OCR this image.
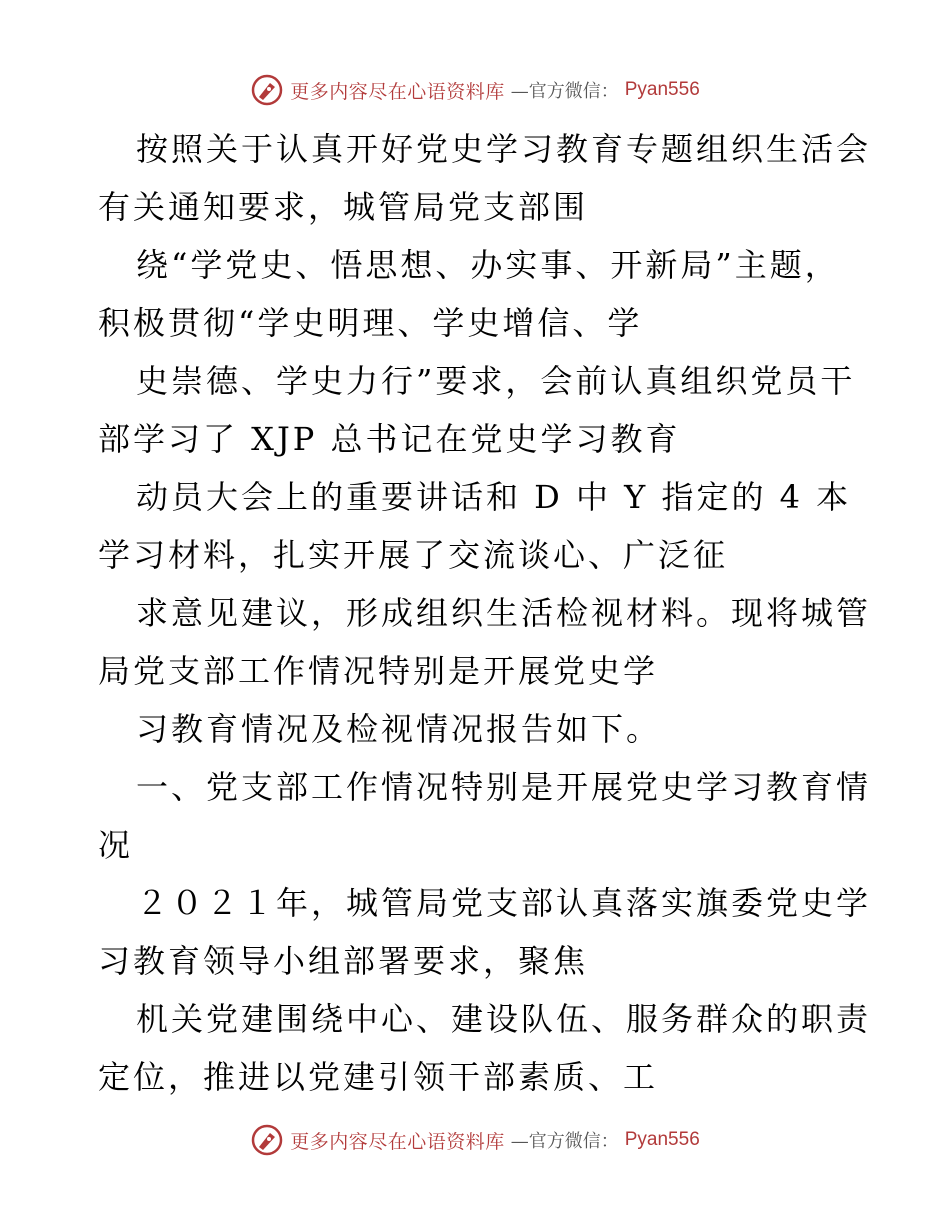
更多内容尽在心语资料库 —官方微信： Pyan556
按照关于认真开好党史学习教育专题组织生活会
有关通知要求，城管局党支部围
绕“学党史、悟思想、办实事、开新局”主题，
积极贯彻“学史明理、学史增信、学
史崇德、学史力行”要求，会前认真组织党员干
部学习了 XJP 总书记在党史学习教育
动员大会上的重要讲话和 D 中 Y 指定的 4 本
学习材料，扎实开展了交流谈心、广泛征
求意见建议，形成组织生活检视材料。现将城管
局党支部工作情况特别是开展党史学
习教育情况及检视情况报告如下。
一、党支部工作情况特别是开展党史学习教育情
况
２０２１年，城管局党支部认真落实旗委党史学
习教育领导小组部署要求，聚焦
机关党建围绕中心、建设队伍、服务群众的职责
定位，推进以党建引领干部素质、工
更多内容尽在心语资料库 —官方微信： Pyan556
